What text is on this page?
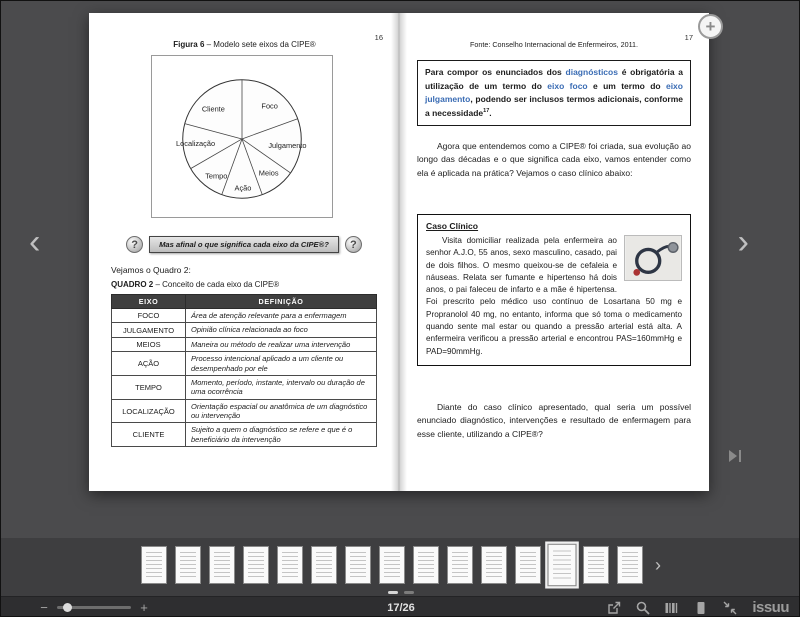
16
Figura 6 – Modelo sete eixos da CIPE®
Cliente	Foco
Julgamento
Meios
Ação
Tempo
Localização
?	Mas afinal o que significa cada eixo da CIPE®?	?
Vejamos o Quadro 2:
QUADRO 2 – Conceito de cada eixo da CIPE®
EIXO	DEFINIÇÃO
FOCO	Área de atenção relevante para a enfermagem
JULGAMENTO	Opinião clínica relacionada ao foco
MEIOS	Maneira ou método de realizar uma intervenção
AÇÃO	Processo intencional aplicado a um cliente ou desempenhado por ele
TEMPO	Momento, período, instante, intervalo ou duração de uma ocorrência
LOCALIZAÇÃO	Orientação espacial ou anatômica de um diagnóstico ou intervenção
CLIENTE	Sujeito a quem o diagnóstico se refere e que é o beneficiário da intervenção
17
Fonte: Conselho Internacional de Enfermeiros, 2011.
Para compor os enunciados dos diagnósticos é obrigatória a utilização de um termo do eixo foco e um termo do eixo julgamento, podendo ser inclusos termos adicionais, conforme a necessidade$^{17}$.
Agora que entendemos como a CIPE® foi criada, sua evolução ao longo das décadas e o que significa cada eixo, vamos entender como ela é aplicada na prática? Vejamos o caso clínico abaixo:
Caso Clínico
Visita domiciliar realizada pela enfermeira ao senhor A.J.O, 55 anos, sexo masculino, casado, pai de dois filhos. O mesmo queixou-se de cefaleia e náuseas. Relata ser fumante e hipertenso há dois anos, o pai faleceu de infarto e a mãe é hipertensa. Foi prescrito pelo médico uso contínuo de Losartana 50 mg e Propranolol 40 mg, no entanto, informa que só toma o medicamento quando sente mal estar ou quando a pressão arterial está alta. A enfermeira verificou a pressão arterial e encontrou PAS=160mmHg e PAD=90mmHg.
Diante do caso clínico apresentado, qual seria um possível enunciado diagnóstico, intervenções e resultado de enfermagem para esse cliente, utilizando a CIPE®?
+
‹	›
›
−	+	17/26	issuu
